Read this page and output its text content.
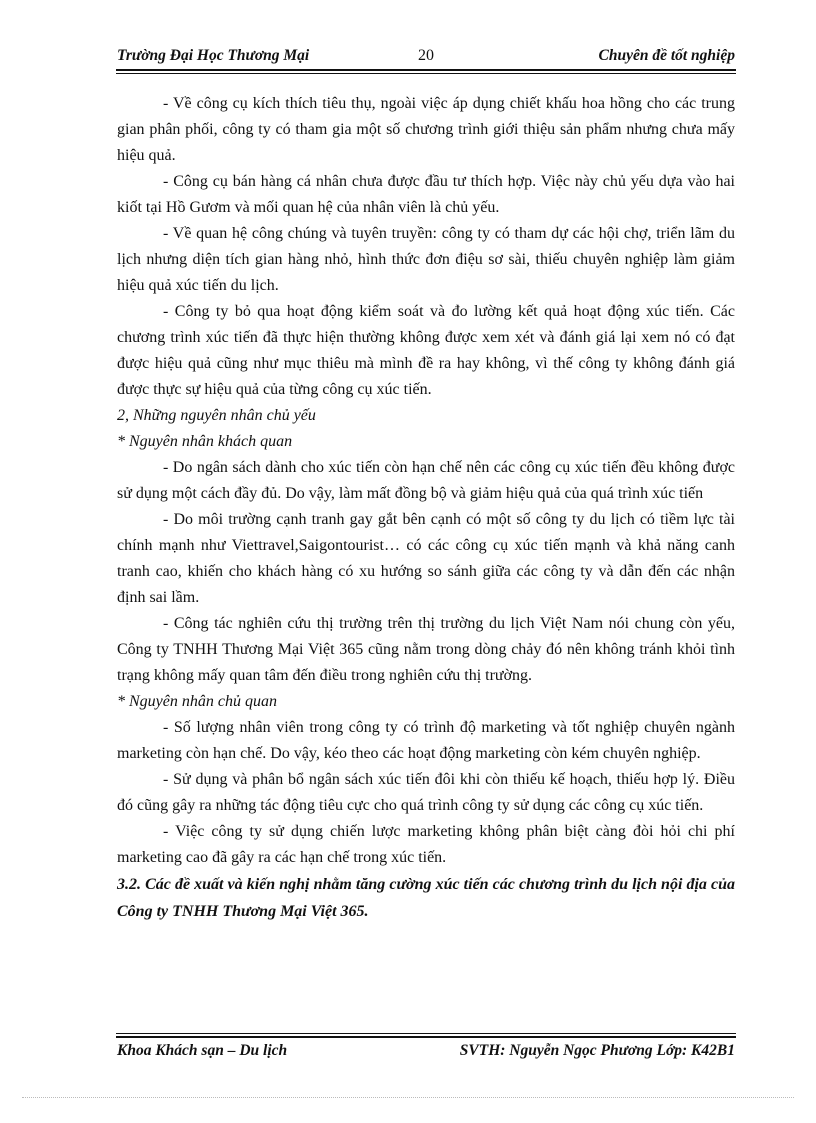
Trường Đại Học Thương Mại	20	Chuyên đề tốt nghiệp

- Về công cụ kích thích tiêu thụ, ngoài việc áp dụng chiết khấu hoa hồng cho các trung gian phân phối, công ty có tham gia một số chương trình giới thiệu sản phẩm nhưng chưa mấy hiệu quả.

- Công cụ bán hàng cá nhân chưa được đầu tư thích hợp. Việc này chủ yếu dựa vào hai kiốt tại Hồ Gươm và mối quan hệ của nhân viên là chủ yếu.

- Về quan hệ công chúng và tuyên truyền: công ty có tham dự các hội chợ, triển lãm du lịch nhưng diện tích gian hàng nhỏ, hình thức đơn điệu sơ sài, thiếu chuyên nghiệp làm giảm hiệu quả xúc tiến du lịch.

- Công ty bỏ qua hoạt động kiểm soát và đo lường kết quả hoạt động xúc tiến. Các chương trình xúc tiến đã thực hiện thường không được xem xét và đánh giá lại xem nó có đạt được hiệu quả cũng như mục thiêu mà mình đề ra hay không, vì thế công ty không đánh giá được thực sự hiệu quả của từng công cụ xúc tiến.

2, Những nguyên nhân chủ yếu

* Nguyên nhân khách quan

- Do ngân sách dành cho xúc tiến còn hạn chế nên các công cụ xúc tiến đều không được sử dụng một cách đầy đủ. Do vậy, làm mất đồng bộ và giảm hiệu quả của quá trình xúc tiến

- Do môi trường cạnh tranh gay gắt bên cạnh có một số công ty du lịch có tiềm lực tài chính mạnh như Viettravel,Saigontourist… có các công cụ xúc tiến mạnh và khả năng canh tranh cao, khiến cho khách hàng có xu hướng so sánh giữa các công ty và dẫn đến các nhận định sai lầm.

- Công tác nghiên cứu thị trường trên thị trường du lịch Việt Nam nói chung còn yếu, Công ty TNHH Thương Mại Việt 365 cũng nằm trong dòng chảy đó nên không tránh khỏi tình trạng không mấy quan tâm đến điều trong nghiên cứu thị trường.

* Nguyên nhân chủ quan

- Số lượng nhân viên trong công ty có trình độ marketing và tốt nghiệp chuyên ngành marketing còn hạn chế. Do vậy, kéo theo các hoạt động marketing còn kém chuyên nghiệp.

- Sử dụng và phân bổ ngân sách xúc tiến đôi khi còn thiếu kế hoạch, thiếu hợp lý. Điều đó cũng gây ra những tác động tiêu cực cho quá trình công ty sử dụng các công cụ xúc tiến.

- Việc công ty sử dụng chiến lược marketing không phân biệt càng đòi hỏi chi phí marketing cao đã gây ra các hạn chế trong xúc tiến.

3.2. Các đề xuất và kiến nghị nhằm tăng cường xúc tiến các chương trình du lịch nội địa của Công ty TNHH Thương Mại Việt 365.

Khoa Khách sạn – Du lịch	SVTH: Nguyễn Ngọc Phương Lớp: K42B1
